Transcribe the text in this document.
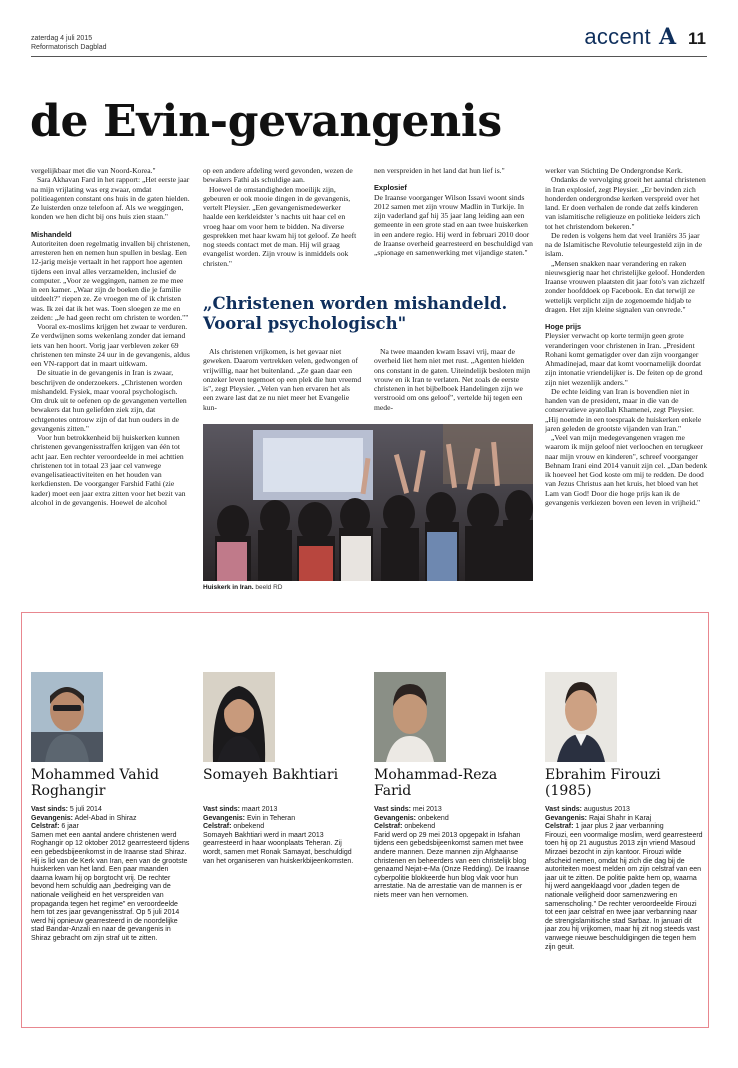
zaterdag 4 juli 2015
Reformatorisch Dagblad	accent A 11
de Evin-gevangenis

vergelijkbaar met die van Noord-Korea."

Sara Akhavan Fard in het rapport: „Het eerste jaar na mijn vrijlating was erg zwaar, omdat politieagenten constant ons huis in de gaten hielden. Ze luisterden onze telefoon af. Als we weggingen, konden we hen dicht bij ons huis zien staan."

Mishandeld

Autoriteiten doen regelmatig invallen bij christenen, arresteren hen en nemen hun spullen in beslag. Een 12-jarig meisje vertaalt in het rapport hoe agenten tijdens een inval alles verzamelden, inclusief de computer. „Voor ze weggingen, namen ze me mee in een kamer. „Waar zijn de boeken die je familie uitdeelt?" riepen ze. Ze vroegen me of ik christen was. Ik zei dat ik het was. Toen sloegen ze me en zeiden: „Je had geen recht om christen te worden.""

Vooral ex-moslims krijgen het zwaar te verduren. Ze verdwijnen soms wekenlang zonder dat iemand iets van hen hoort. Vorig jaar verbleven zeker 69 christenen ten minste 24 uur in de gevangenis, aldus een VN-rapport dat in maart uitkwam.

De situatie in de gevangenis in Iran is zwaar, beschrijven de onderzoekers. „Christenen worden mishandeld. Fysiek, maar vooral psychologisch. Om druk uit te oefenen op de gevangenen vertellen bewakers dat hun geliefden ziek zijn, dat echtgenotes ontrouw zijn of dat hun ouders in de gevangenis zitten."

Voor hun betrokkenheid bij huiskerken kunnen christenen gevangenisstraffen krijgen van één tot acht jaar. Een rechter veroordeelde in mei achttien christenen tot in totaal 23 jaar cel vanwege evangelisatieactiviteiten en het houden van kerkdiensten. De voorganger Farshid Fathi (zie kader) moet een jaar extra zitten voor het bezit van alcohol in de gevangenis. Hoewel de alcohol

op een andere afdeling werd gevonden, wezen de bewakers Fathi als schuldige aan.

Hoewel de omstandigheden moeilijk zijn, gebeuren er ook mooie dingen in de gevangenis, vertelt Pleysier. „Een gevangenismedewerker haalde een kerkleidster 's nachts uit haar cel en vroeg haar om voor hem te bidden. Na diverse gesprekken met haar kwam hij tot geloof. Ze heeft nog steeds contact met de man. Hij wil graag evangelist worden. Zijn vrouw is inmiddels ook christen."

nen verspreiden in het land dat hun lief is."

Explosief

De Iraanse voorganger Wilson Issavi woont sinds 2012 samen met zijn vrouw Madlin in Turkije. In zijn vaderland gaf hij 35 jaar lang leiding aan een gemeente in een grote stad en aan twee huiskerken in een andere regio. Hij werd in februari 2010 door de Iraanse overheid gearresteerd en beschuldigd van „spionage en samenwerking met vijandige staten."

werker van Stichting De Ondergrondse Kerk.

Ondanks de vervolging groeit het aantal christenen in Iran explosief, zegt Pleysier. „Er bevinden zich honderden ondergrondse kerken verspreid over het land. Er doen verhalen de ronde dat zelfs kinderen van islamitische religieuze en politieke leiders zich tot het christendom bekeren."

De reden is volgens hem dat veel Iraniërs 35 jaar na de Islamitische Revolutie teleurgesteld zijn in de islam.

„Mensen snakken naar verandering en raken nieuwsgierig naar het christelijke geloof. Honderden Iraanse vrouwen plaatsten dit jaar foto's van zichzelf zonder hoofddoek op Facebook. En dat terwijl ze wettelijk verplicht zijn de zogenoemde hidjab te dragen. Het zijn kleine signalen van onvrede."

Hoge prijs

Pleysier verwacht op korte termijn geen grote veranderingen voor christenen in Iran. „President Rohani komt gematigder over dan zijn voorganger Ahmadinejad, maar dat komt voornamelijk doordat zijn intonatie vriendelijker is. De feiten op de grond zijn niet wezenlijk anders."

De echte leiding van Iran is bovendien niet in handen van de president, maar in die van de conservatieve ayatollah Khamenei, zegt Pleysier. „Hij noemde in een toespraak de huiskerken enkele jaren geleden de grootste vijanden van Iran."

„Veel van mijn medegevangenen vragen me waarom ik mijn geloof niet verloochen en terugkeer naar mijn vrouw en kinderen", schreef voorganger Behnam Irani eind 2014 vanuit zijn cel. „Dan bedenk ik hoeveel het God koste om mij te redden. De dood van Jezus Christus aan het kruis, het bloed van het Lam van God! Door die hoge prijs kan ik de gevangenis verkiezen boven een leven in vrijheid."

„Christenen worden mishandeld. Vooral psychologisch"

Als christenen vrijkomen, is het gevaar niet geweken. Daarom vertrekken velen, gedwongen of vrijwillig, naar het buitenland. „Ze gaan daar een onzeker leven tegemoet op een plek die hun vreemd is", zegt Pleysier. „Velen van hen ervaren het als een zware last dat ze nu niet meer het Evangelie kun-

Na twee maanden kwam Issavi vrij, maar de overheid liet hem niet met rust. „Agenten hielden ons constant in de gaten. Uiteindelijk besloten mijn vrouw en ik Iran te verlaten. Net zoals de eerste christenen in het bijbelboek Handelingen zijn we verstrooid om ons geloof", vertelde hij tegen een mede-

Huiskerk in Iran. beeld RD
Mohammed Vahid Roghangir
Vast sinds: 5 juli 2014
Gevangenis: Adel-Abad in Shiraz
Celstraf: 6 jaar
Samen met een aantal andere christenen werd Roghangir op 12 oktober 2012 gearresteerd tijdens een gebedsbijeenkomst in de Iraanse stad Shiraz. Hij is lid van de Kerk van Iran, een van de grootste huiskerken van het land. Een paar maanden daarna kwam hij op borgtocht vrij. De rechter bevond hem schuldig aan „bedreiging van de nationale veiligheid en het verspreiden van propaganda tegen het regime" en veroordeelde hem tot zes jaar gevangenisstraf. Op 5 juli 2014 werd hij opnieuw gearresteerd in de noordelijke stad Bandar-Anzali en naar de gevangenis in Shiraz gebracht om zijn straf uit te zitten.
Somayeh Bakhtiari
Vast sinds: maart 2013
Gevangenis: Evin in Teheran
Celstraf: onbekend
Somayeh Bakhtiari werd in maart 2013 gearresteerd in haar woonplaats Teheran. Zij wordt, samen met Ronak Samayat, beschuldigd van het organiseren van huiskerkbijeenkomsten.
Mohammad-Reza Farid
Vast sinds: mei 2013
Gevangenis: onbekend
Celstraf: onbekend
Farid werd op 29 mei 2013 opgepakt in Isfahan tijdens een gebedsbijeenkomst samen met twee andere mannen. Deze mannen zijn Afghaanse christenen en beheerders van een christelijk blog genaamd Nejat-e-Ma (Onze Redding). De Iraanse cyberpolitie blokkeerde hun blog vlak voor hun arrestatie. Na de arrestatie van de mannen is er niets meer van hen vernomen.
Ebrahim Firouzi (1985)
Vast sinds: augustus 2013
Gevangenis: Rajai Shahr in Karaj
Celstraf: 1 jaar plus 2 jaar verbanning
Firouzi, een voormalige moslim, werd gearresteerd toen hij op 21 augustus 2013 zijn vriend Masoud Mirzaei bezocht in zijn kantoor. Firouzi wilde afscheid nemen, omdat hij zich die dag bij de autoriteiten moest melden om zijn celstraf van een jaar uit te zitten. De politie pakte hem op, waarna hij werd aangeklaagd voor „daden tegen de nationale veiligheid door samenzwering en samenscholing." De rechter veroordeelde Firouzi tot een jaar celstraf en twee jaar verbanning naar de strengislamitische stad Sarbaz. In januari dit jaar zou hij vrijkomen, maar hij zit nog steeds vast vanwege nieuwe beschuldigingen die tegen hem zijn geuit.
